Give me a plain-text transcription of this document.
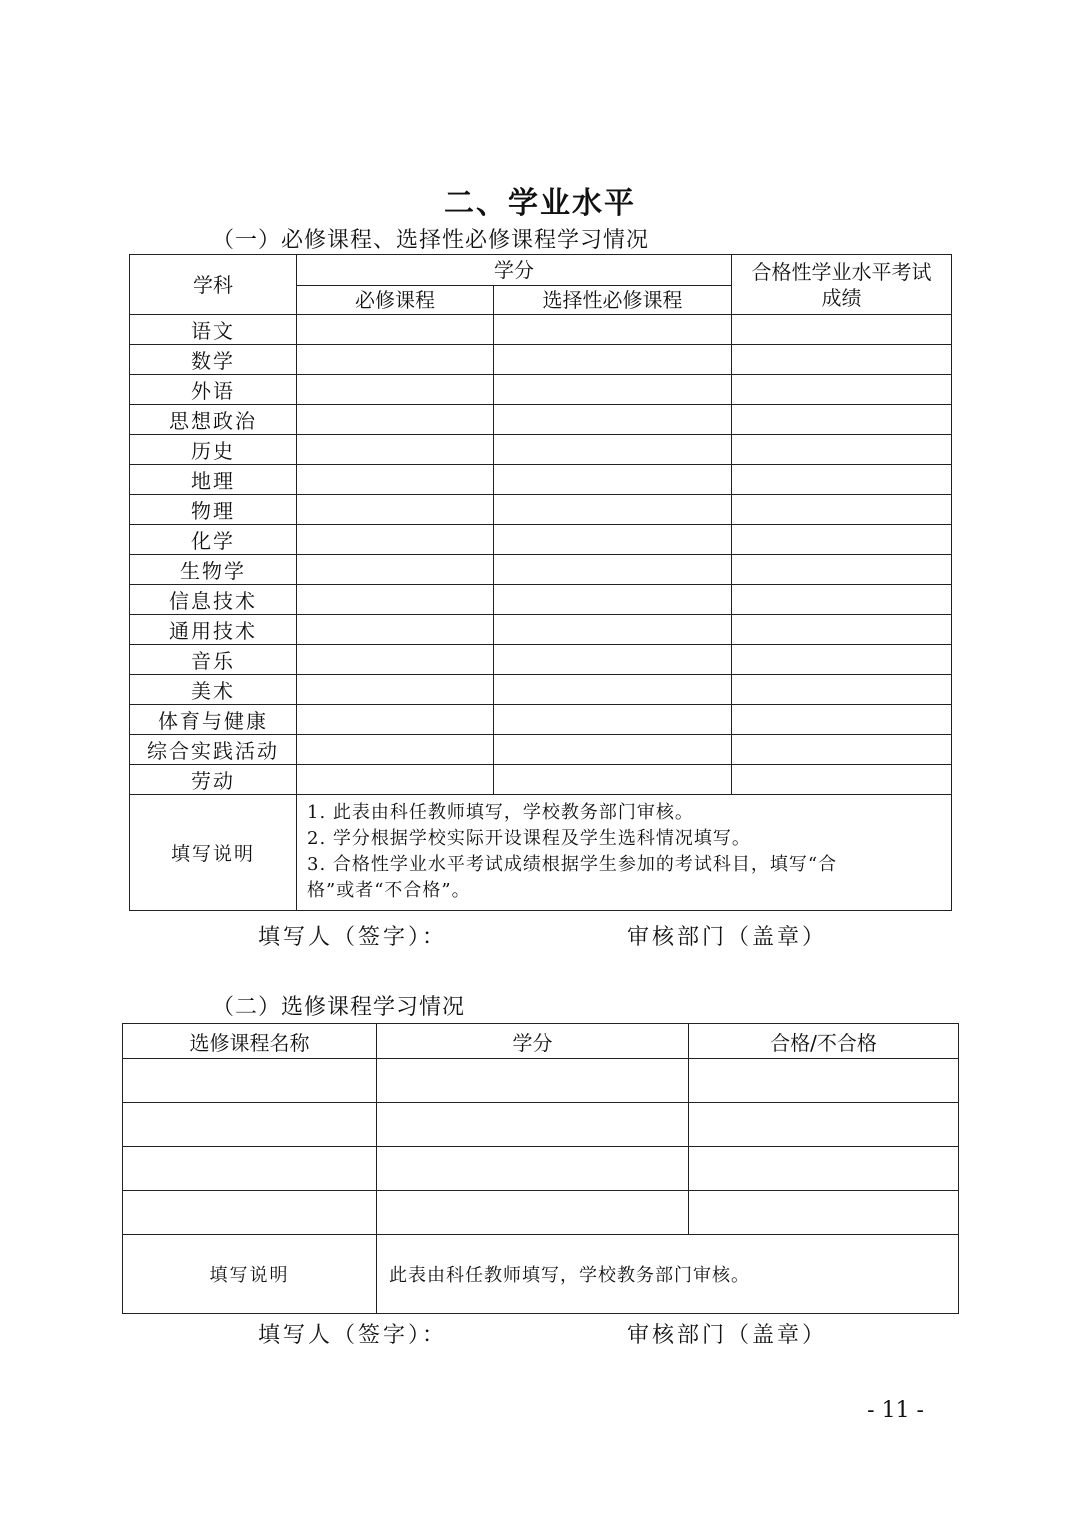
二、学业水平
（一）必修课程、选择性必修课程学习情况
学科	学分		合格性学业水平考试
成绩

	必修课程	选择性必修课程	
语文			
数学			
外语			
思想政治			
历史			
地理			
物理			
化学			
生物学			
信息技术			
通用技术			
音乐			
美术			
体育与健康			
综合实践活动			
劳动			
填写说明	1. 此表由科任教师填写，学校教务部门审核。
2. 学分根据学校实际开设课程及学生选科情况填写。
3. 合格性学业水平考试成绩根据学生参加的考试科目，填写“合
格”或者“不合格”。		
填写人（签字）：	审核部门（盖章）
（二）选修课程学习情况
选修课程名称	学分	合格/不合格

填写说明	此表由科任教师填写，学校教务部门审核。	
填写人（签字）：	审核部门（盖章）
- 11 -
